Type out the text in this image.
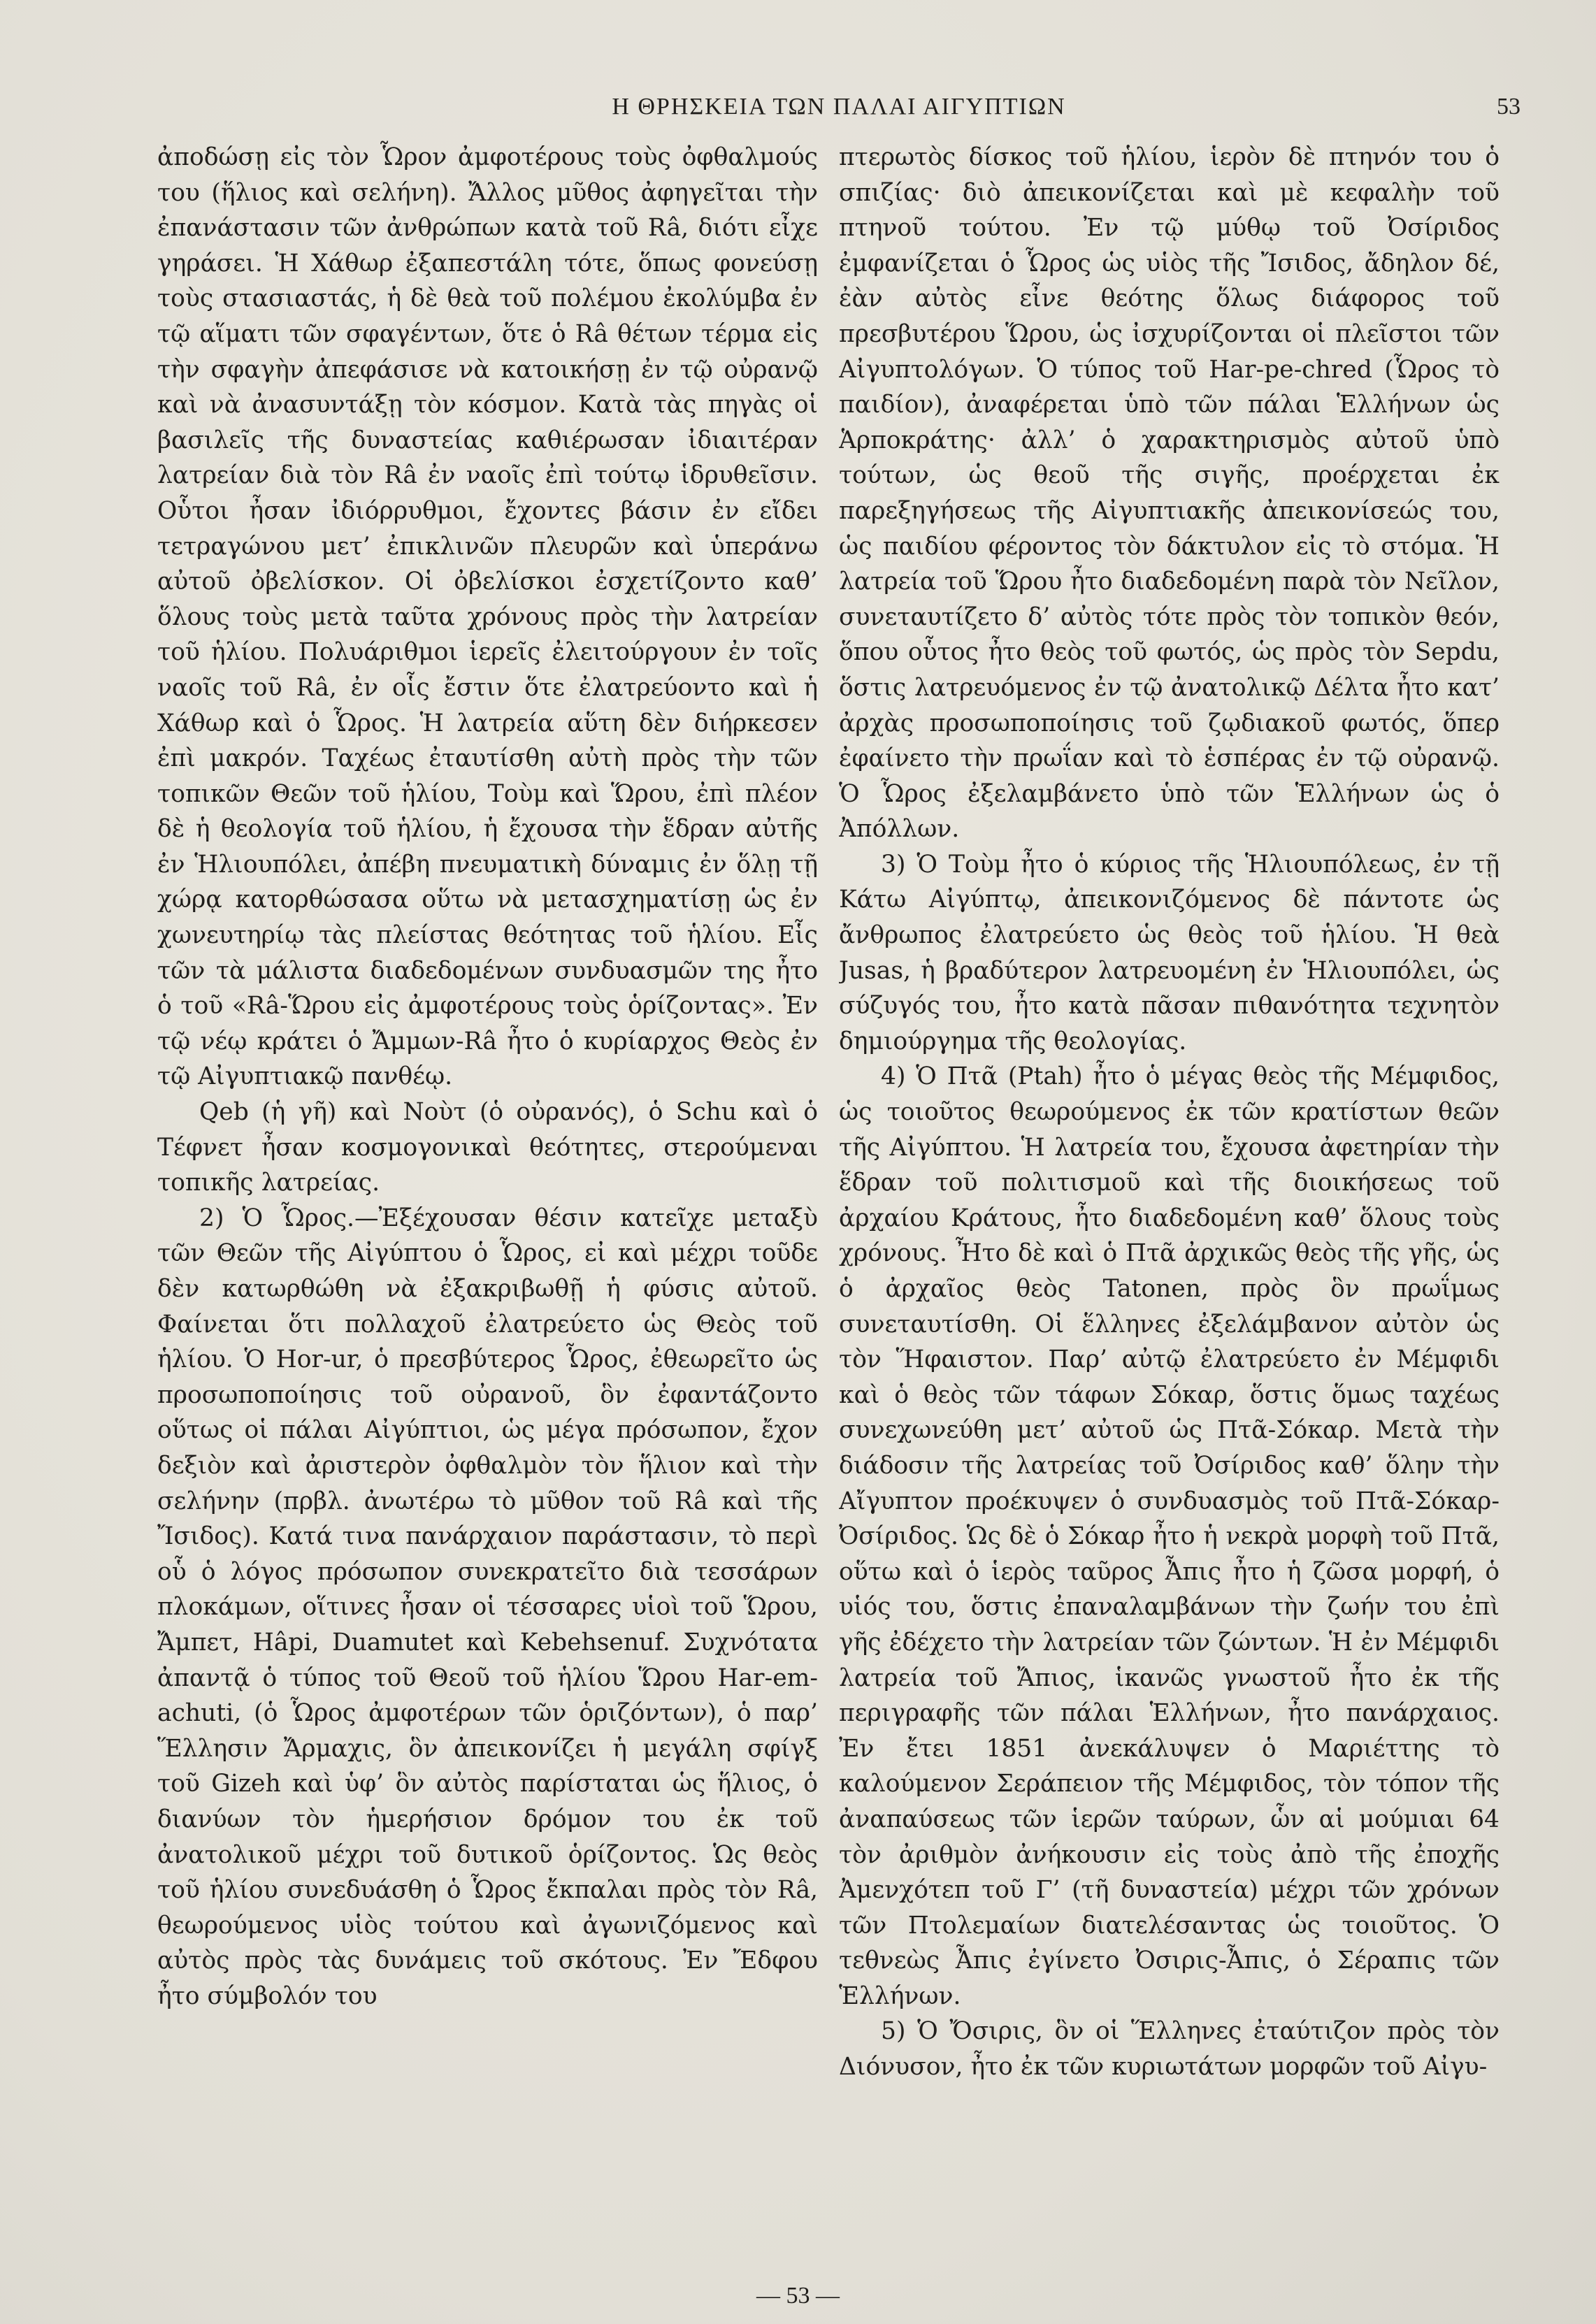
Η ΘΡΗΣΚΕΙΑ ΤΩΝ ΠΑΛΑΙ ΑΙΓΥΠΤΙΩΝ	53

ἀποδώσῃ εἰς τὸν Ὧρον ἀμφοτέρους τοὺς ὀφθαλμούς του (ἥλιος καὶ σελήνη). Ἄλλος μῦθος ἀφηγεῖται τὴν ἐπανάστασιν τῶν ἀνθρώπων κατὰ τοῦ Râ, διότι εἶχε γηράσει. Ἡ Χάθωρ ἐξαπεστάλη τότε, ὅπως φονεύσῃ τοὺς στασιαστάς, ἡ δὲ θεὰ τοῦ πολέμου ἐκολύμβα ἐν τῷ αἵματι τῶν σφαγέντων, ὅτε ὁ Râ θέτων τέρμα εἰς τὴν σφαγὴν ἀπεφάσισε νὰ κατοικήσῃ ἐν τῷ οὐρανῷ καὶ νὰ ἀνασυντάξῃ τὸν κόσμον. Κατὰ τὰς πηγὰς οἱ βασιλεῖς τῆς δυναστείας καθιέρωσαν ἰδιαιτέραν λατρείαν διὰ τὸν Râ ἐν ναοῖς ἐπὶ τούτῳ ἱδρυθεῖσιν. Οὗτοι ἦσαν ἰδιόρρυθμοι, ἔχοντες βάσιν ἐν εἴδει τετραγώνου μετ’ ἐπικλινῶν πλευρῶν καὶ ὑπεράνω αὐτοῦ ὀβελίσκον. Οἱ ὀβελίσκοι ἐσχετίζοντο καθ’ ὅλους τοὺς μετὰ ταῦτα χρόνους πρὸς τὴν λατρείαν τοῦ ἡλίου. Πολυάριθμοι ἱερεῖς ἐλειτούργουν ἐν τοῖς ναοῖς τοῦ Râ, ἐν οἷς ἔστιν ὅτε ἐλατρεύοντο καὶ ἡ Χάθωρ καὶ ὁ Ὧρος. Ἡ λατρεία αὕτη δὲν διήρκεσεν ἐπὶ μακρόν. Ταχέως ἐταυτίσθη αὐτὴ πρὸς τὴν τῶν τοπικῶν Θεῶν τοῦ ἡλίου, Τοὺμ καὶ Ὥρου, ἐπὶ πλέον δὲ ἡ θεολογία τοῦ ἡλίου, ἡ ἔχουσα τὴν ἕδραν αὐτῆς ἐν Ἡλιουπόλει, ἀπέβη πνευματικὴ δύναμις ἐν ὅλῃ τῇ χώρᾳ κατορθώσασα οὕτω νὰ μετασχηματίσῃ ὡς ἐν χωνευτηρίῳ τὰς πλείστας θεότητας τοῦ ἡλίου. Εἷς τῶν τὰ μάλιστα διαδεδομένων συνδυασμῶν της ἦτο ὁ τοῦ «Râ-Ὥρου εἰς ἀμφοτέρους τοὺς ὁρίζοντας». Ἐν τῷ νέῳ κράτει ὁ Ἄμμων-Râ ἦτο ὁ κυρίαρχος Θεὸς ἐν τῷ Αἰγυπτιακῷ πανθέῳ.

Qeb (ἡ γῆ) καὶ Νοὺτ (ὁ οὐρανός), ὁ Schu καὶ ὁ Τέφνετ ἦσαν κοσμογονικαὶ θεότητες, στερούμεναι τοπικῆς λατρείας.

2) Ὁ Ὧρος.—Ἐξέχουσαν θέσιν κατεῖχε μεταξὺ τῶν Θεῶν τῆς Αἰγύπτου ὁ Ὧρος, εἰ καὶ μέχρι τοῦδε δὲν κατωρθώθη νὰ ἐξακριβωθῇ ἡ φύσις αὐτοῦ. Φαίνεται ὅτι πολλαχοῦ ἐλατρεύετο ὡς Θεὸς τοῦ ἡλίου. Ὁ Hor-ur, ὁ πρεσβύτερος Ὧρος, ἐθεωρεῖτο ὡς προσωποποίησις τοῦ οὐρανοῦ, ὃν ἐφαντάζοντο οὕτως οἱ πάλαι Αἰγύπτιοι, ὡς μέγα πρόσωπον, ἔχον δεξιὸν καὶ ἀριστερὸν ὀφθαλμὸν τὸν ἥλιον καὶ τὴν σελήνην (πρβλ. ἀνωτέρω τὸ μῦθον τοῦ Râ καὶ τῆς Ἴσιδος). Κατά τινα πανάρχαιον παράστασιν, τὸ περὶ οὗ ὁ λόγος πρόσωπον συνεκρατεῖτο διὰ τεσσάρων πλοκάμων, οἵτινες ἦσαν οἱ τέσσαρες υἱοὶ τοῦ Ὥρου, Ἄμπετ, Hâpi, Duamutet καὶ Kebehsenuf. Συχνότατα ἀπαντᾷ ὁ τύπος τοῦ Θεοῦ τοῦ ἡλίου Ὥρου Har-em-achuti, (ὁ Ὧρος ἀμφοτέρων τῶν ὁριζόντων), ὁ παρ’ Ἕλλησιν Ἄρμαχις, ὃν ἀπεικονίζει ἡ μεγάλη σφίγξ τοῦ Gizeh καὶ ὑφ’ ὃν αὐτὸς παρίσταται ὡς ἥλιος, ὁ διανύων τὸν ἡμερήσιον δρόμον του ἐκ τοῦ ἀνατολικοῦ μέχρι τοῦ δυτικοῦ ὁρίζοντος. Ὡς θεὸς τοῦ ἡλίου συνεδυάσθη ὁ Ὧρος ἔκπαλαι πρὸς τὸν Râ, θεωρούμενος υἱὸς τούτου καὶ ἀγωνιζόμενος καὶ αὐτὸς πρὸς τὰς δυνάμεις τοῦ σκότους. Ἐν Ἔδφου ἦτο σύμβολόν του

πτερωτὸς δίσκος τοῦ ἡλίου, ἱερὸν δὲ πτηνόν του ὁ σπιζίας· διὸ ἀπεικονίζεται καὶ μὲ κεφαλὴν τοῦ πτηνοῦ τούτου. Ἐν τῷ μύθῳ τοῦ Ὀσίριδος ἐμφανίζεται ὁ Ὧρος ὡς υἱὸς τῆς Ἴσιδος, ἄδηλον δέ, ἐὰν αὐτὸς εἶνε θεότης ὅλως διάφορος τοῦ πρεσβυτέρου Ὥρου, ὡς ἰσχυρίζονται οἱ πλεῖστοι τῶν Αἰγυπτολόγων. Ὁ τύπος τοῦ Har-pe-chred (Ὧρος τὸ παιδίον), ἀναφέρεται ὑπὸ τῶν πάλαι Ἑλλήνων ὡς Ἁρποκράτης· ἀλλ’ ὁ χαρακτηρισμὸς αὐτοῦ ὑπὸ τούτων, ὡς θεοῦ τῆς σιγῆς, προέρχεται ἐκ παρεξηγήσεως τῆς Αἰγυπτιακῆς ἀπεικονίσεώς του, ὡς παιδίου φέροντος τὸν δάκτυλον εἰς τὸ στόμα. Ἡ λατρεία τοῦ Ὥρου ἦτο διαδεδομένη παρὰ τὸν Νεῖλον, συνεταυτίζετο δ’ αὐτὸς τότε πρὸς τὸν τοπικὸν θεόν, ὅπου οὗτος ἦτο θεὸς τοῦ φωτός, ὡς πρὸς τὸν Sepdu, ὅστις λατρευόμενος ἐν τῷ ἀνατολικῷ Δέλτα ἦτο κατ’ ἀρχὰς προσωποποίησις τοῦ ζῳδιακοῦ φωτός, ὅπερ ἐφαίνετο τὴν πρωΐαν καὶ τὸ ἑσπέρας ἐν τῷ οὐρανῷ. Ὁ Ὧρος ἐξελαμβάνετο ὑπὸ τῶν Ἑλλήνων ὡς ὁ Ἀπόλλων.

3) Ὁ Τοὺμ ἦτο ὁ κύριος τῆς Ἡλιουπόλεως, ἐν τῇ Κάτω Αἰγύπτῳ, ἀπεικονιζόμενος δὲ πάντοτε ὡς ἄνθρωπος ἐλατρεύετο ὡς θεὸς τοῦ ἡλίου. Ἡ θεὰ Jusas, ἡ βραδύτερον λατρευομένη ἐν Ἡλιουπόλει, ὡς σύζυγός του, ἦτο κατὰ πᾶσαν πιθανότητα τεχνητὸν δημιούργημα τῆς θεολογίας.

4) Ὁ Πτᾶ (Ptah) ἦτο ὁ μέγας θεὸς τῆς Μέμφιδος, ὡς τοιοῦτος θεωρούμενος ἐκ τῶν κρατίστων θεῶν τῆς Αἰγύπτου. Ἡ λατρεία του, ἔχουσα ἀφετηρίαν τὴν ἕδραν τοῦ πολιτισμοῦ καὶ τῆς διοικήσεως τοῦ ἀρχαίου Κράτους, ἦτο διαδεδομένη καθ’ ὅλους τοὺς χρόνους. Ἦτο δὲ καὶ ὁ Πτᾶ ἀρχικῶς θεὸς τῆς γῆς, ὡς ὁ ἀρχαῖος θεὸς Tatonen, πρὸς ὃν πρωΐμως συνεταυτίσθη. Οἱ ἕλληνες ἐξελάμβανον αὐτὸν ὡς τὸν Ἥφαιστον. Παρ’ αὐτῷ ἐλατρεύετο ἐν Μέμφιδι καὶ ὁ θεὸς τῶν τάφων Σόκαρ, ὅστις ὅμως ταχέως συνεχωνεύθη μετ’ αὐτοῦ ὡς Πτᾶ-Σόκαρ. Μετὰ τὴν διάδοσιν τῆς λατρείας τοῦ Ὀσίριδος καθ’ ὅλην τὴν Αἴγυπτον προέκυψεν ὁ συνδυασμὸς τοῦ Πτᾶ-Σόκαρ-Ὀσίριδος. Ὡς δὲ ὁ Σόκαρ ἦτο ἡ νεκρὰ μορφὴ τοῦ Πτᾶ, οὕτω καὶ ὁ ἱερὸς ταῦρος Ἆπις ἦτο ἡ ζῶσα μορφή, ὁ υἱός του, ὅστις ἐπαναλαμβάνων τὴν ζωήν του ἐπὶ γῆς ἐδέχετο τὴν λατρείαν τῶν ζώντων. Ἡ ἐν Μέμφιδι λατρεία τοῦ Ἄπιος, ἱκανῶς γνωστοῦ ἦτο ἐκ τῆς περιγραφῆς τῶν πάλαι Ἑλλήνων, ἦτο πανάρχαιος. Ἐν ἔτει 1851 ἀνεκάλυψεν ὁ Μαριέττης τὸ καλούμενον Σεράπειον τῆς Μέμφιδος, τὸν τόπον τῆς ἀναπαύσεως τῶν ἱερῶν ταύρων, ὧν αἱ μούμιαι 64 τὸν ἀριθμὸν ἀνήκουσιν εἰς τοὺς ἀπὸ τῆς ἐποχῆς Ἀμενχότεπ τοῦ Γ’ (τῆ δυναστεία) μέχρι τῶν χρόνων τῶν Πτολεμαίων διατελέσαντας ὡς τοιοῦτος. Ὁ τεθνεὼς Ἆπις ἐγίνετο Ὀσιρις-Ἆπις, ὁ Σέραπις τῶν Ἑλλήνων.

5) Ὁ Ὄσιρις, ὃν οἱ Ἕλληνες ἐταύτιζον πρὸς τὸν Διόνυσον, ἦτο ἐκ τῶν κυριωτάτων μορφῶν τοῦ Αἰγυ-

— 53 —
